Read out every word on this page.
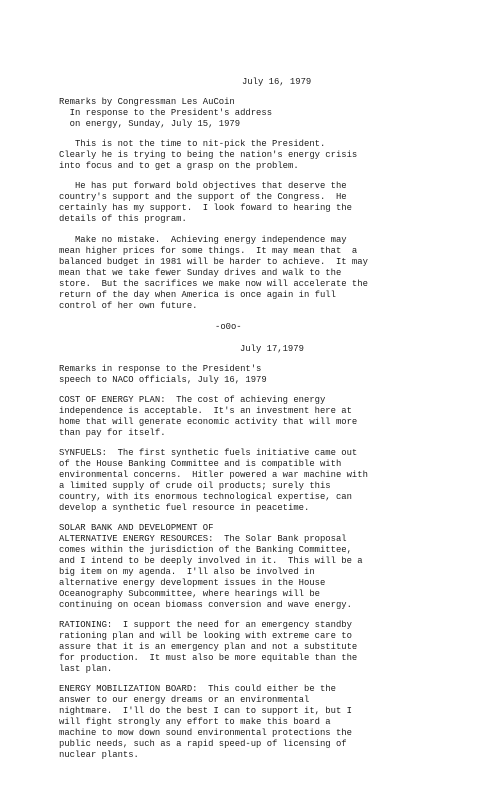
July 16, 1979
Remarks by Congressman Les AuCoin
In response to the President's address
on energy, Sunday, July 15, 1979
This is not the time to nit-pick the President.
Clearly he is trying to being the nation's energy crisis
into focus and to get a grasp on the problem.
He has put forward bold objectives that deserve the
country's support and the support of the Congress.  He
certainly has my support.  I look foward to hearing the
details of this program.
Make no mistake.  Achieving energy independence may
mean higher prices for some things.  It may mean that  a
balanced budget in 1981 will be harder to achieve.  It may
mean that we take fewer Sunday drives and walk to the
store.  But the sacrifices we make now will accelerate the
return of the day when America is once again in full
control of her own future.
-o0o-
July 17,1979
Remarks in response to the President's
speech to NACO officials, July 16, 1979
COST OF ENERGY PLAN:  The cost of achieving energy
independence is acceptable.  It's an investment here at
home that will generate economic activity that will more
than pay for itself.
SYNFUELS:  The first synthetic fuels initiative came out
of the House Banking Committee and is compatible with
environmental concerns.  Hitler powered a war machine with
a limited supply of crude oil products; surely this
country, with its enormous technological expertise, can
develop a synthetic fuel resource in peacetime.
SOLAR BANK AND DEVELOPMENT OF
ALTERNATIVE ENERGY RESOURCES:  The Solar Bank proposal
comes within the jurisdiction of the Banking Committee,
and I intend to be deeply involved in it.  This will be a
big item on my agenda.  I'll also be involved in
alternative energy development issues in the House
Oceanography Subcommittee, where hearings will be
continuing on ocean biomass conversion and wave energy.
RATIONING:  I support the need for an emergency standby
rationing plan and will be looking with extreme care to
assure that it is an emergency plan and not a substitute
for production.  It must also be more equitable than the
last plan.
ENERGY MOBILIZATION BOARD:  This could either be the
answer to our energy dreams or an environmental
nightmare.  I'll do the best I can to support it, but I
will fight strongly any effort to make this board a
machine to mow down sound environmental protections the
public needs, such as a rapid speed-up of licensing of
nuclear plants.
